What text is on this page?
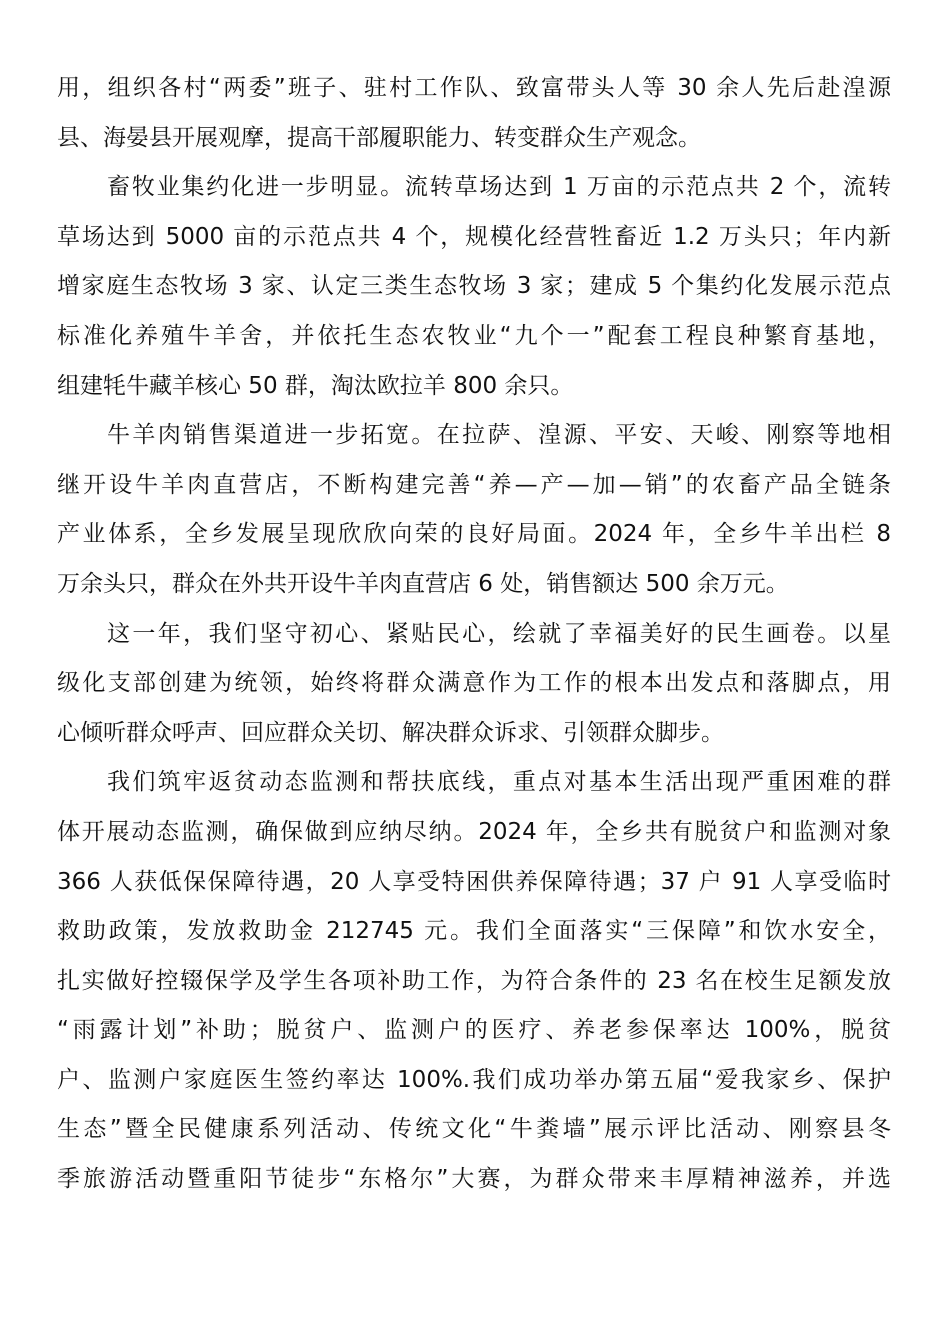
用，组织各村“两委”班子、驻村工作队、致富带头人等 30 余人先后赴湟源
县、海晏县开展观摩，提高干部履职能力、转变群众生产观念。
畜牧业集约化进一步明显。流转草场达到 1 万亩的示范点共 2 个，流转
草场达到 5000 亩的示范点共 4 个，规模化经营牲畜近 1.2 万头只；年内新
增家庭生态牧场 3 家、认定三类生态牧场 3 家；建成 5 个集约化发展示范点
标准化养殖牛羊舍，并依托生态农牧业“九个一”配套工程良种繁育基地，
组建牦牛藏羊核心 50 群，淘汰欧拉羊 800 余只。
牛羊肉销售渠道进一步拓宽。在拉萨、湟源、平安、天峻、刚察等地相
继开设牛羊肉直营店，不断构建完善“养—产—加—销”的农畜产品全链条
产业体系，全乡发展呈现欣欣向荣的良好局面。2024 年，全乡牛羊出栏 8
万余头只，群众在外共开设牛羊肉直营店 6 处，销售额达 500 余万元。
这一年，我们坚守初心、紧贴民心，绘就了幸福美好的民生画卷。以星
级化支部创建为统领，始终将群众满意作为工作的根本出发点和落脚点，用
心倾听群众呼声、回应群众关切、解决群众诉求、引领群众脚步。
我们筑牢返贫动态监测和帮扶底线，重点对基本生活出现严重困难的群
体开展动态监测，确保做到应纳尽纳。2024 年，全乡共有脱贫户和监测对象
366 人获低保保障待遇，20 人享受特困供养保障待遇；37 户 91 人享受临时
救助政策，发放救助金 212745 元。我们全面落实“三保障”和饮水安全，
扎实做好控辍保学及学生各项补助工作，为符合条件的 23 名在校生足额发放
“雨露计划”补助；脱贫户、监测户的医疗、养老参保率达 100%，脱贫
户、监测户家庭医生签约率达 100%.我们成功举办第五届“爱我家乡、保护
生态”暨全民健康系列活动、传统文化“牛粪墙”展示评比活动、刚察县冬
季旅游活动暨重阳节徒步“东格尔”大赛，为群众带来丰厚精神滋养，并选
